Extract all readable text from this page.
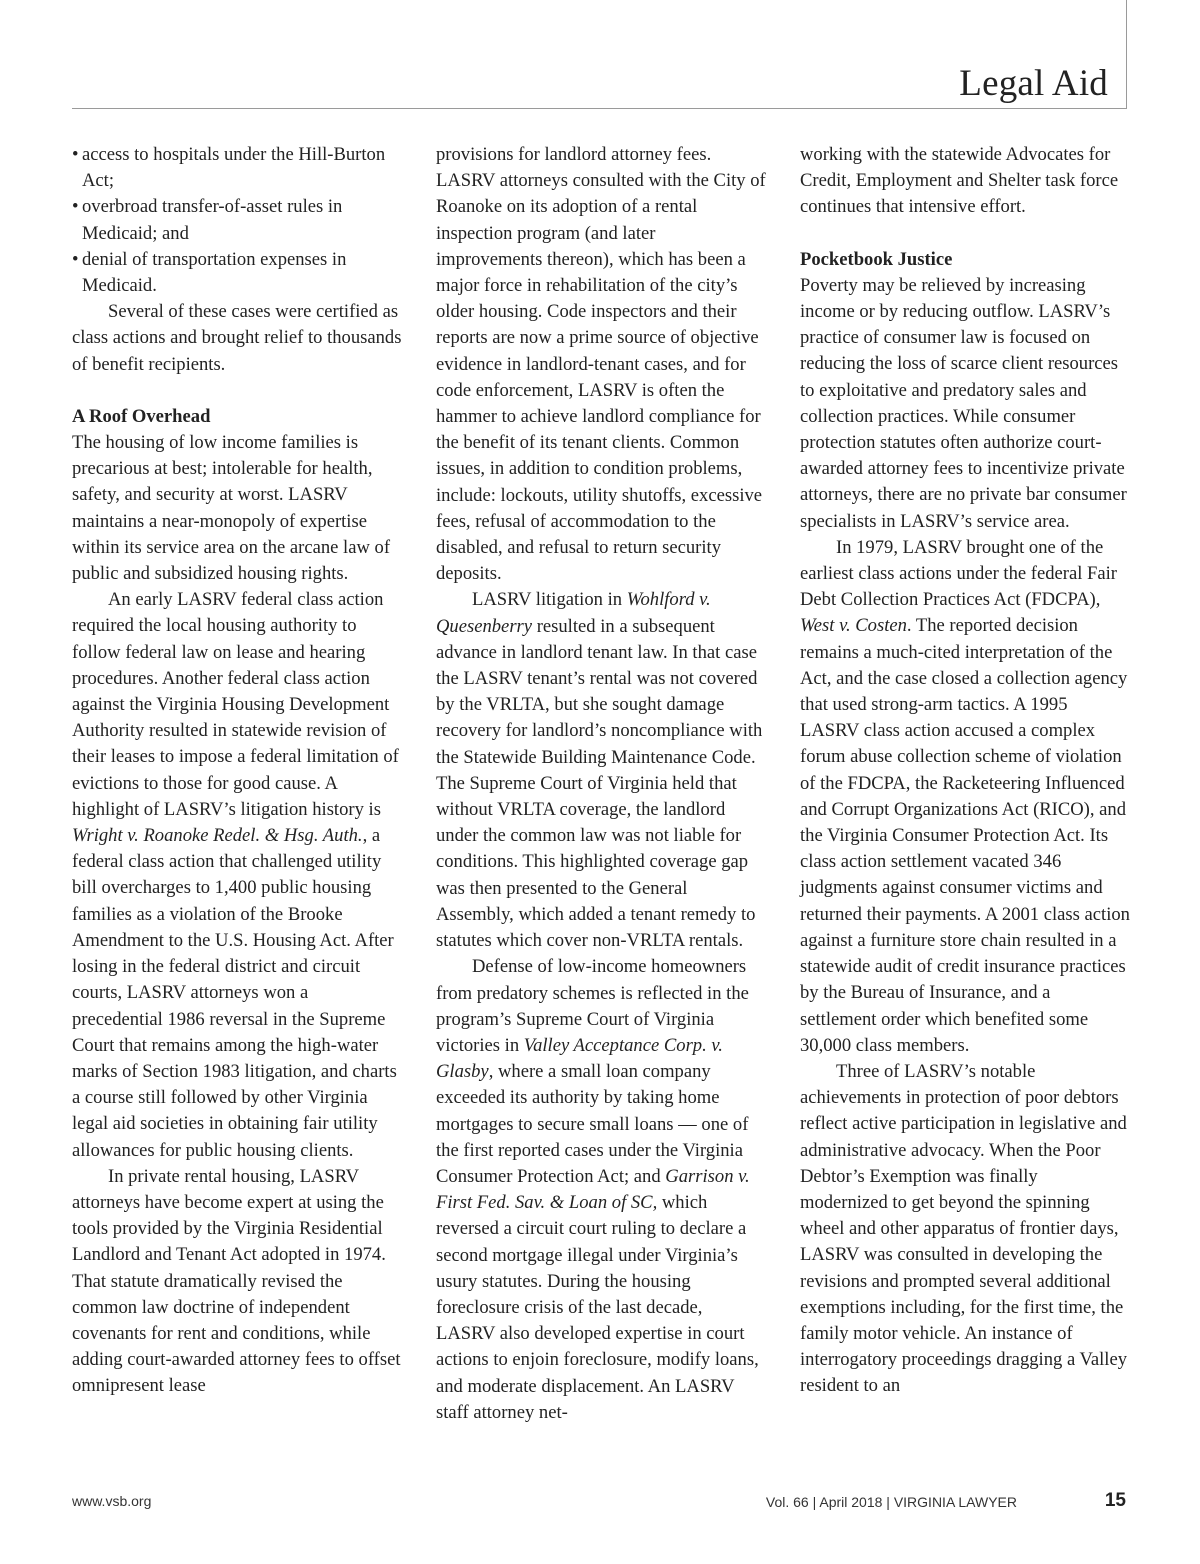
Legal Aid
• access to hospitals under the Hill-Burton Act;
• overbroad transfer-of-asset rules in Medicaid; and
• denial of transportation expenses in Medicaid.

Several of these cases were certified as class actions and brought relief to thousands of benefit recipients.

A Roof Overhead

The housing of low income families is precarious at best; intolerable for health, safety, and security at worst. LASRV maintains a near-monopoly of expertise within its service area on the arcane law of public and subsidized housing rights.

An early LASRV federal class action required the local housing authority to follow federal law on lease and hearing procedures. Another federal class action against the Virginia Housing Development Authority resulted in statewide revision of their leases to impose a federal limitation of evictions to those for good cause. A highlight of LASRV’s litigation history is Wright v. Roanoke Redel. & Hsg. Auth., a federal class action that challenged utility bill overcharges to 1,400 public housing families as a violation of the Brooke Amendment to the U.S. Housing Act. After losing in the federal district and circuit courts, LASRV attorneys won a precedential 1986 reversal in the Supreme Court that remains among the high-water marks of Section 1983 litigation, and charts a course still followed by other Virginia legal aid societies in obtaining fair utility allowances for public housing clients.

In private rental housing, LASRV attorneys have become expert at using the tools provided by the Virginia Residential Landlord and Tenant Act adopted in 1974. That statute dramatically revised the common law doctrine of independent covenants for rent and conditions, while adding court-awarded attorney fees to offset omnipresent lease

provisions for landlord attorney fees. LASRV attorneys consulted with the City of Roanoke on its adoption of a rental inspection program (and later improvements thereon), which has been a major force in rehabilitation of the city’s older housing. Code inspectors and their reports are now a prime source of objective evidence in landlord-tenant cases, and for code enforcement, LASRV is often the hammer to achieve landlord compliance for the benefit of its tenant clients. Common issues, in addition to condition problems, include: lockouts, utility shutoffs, excessive fees, refusal of accommodation to the disabled, and refusal to return security deposits.

LASRV litigation in Wohlford v. Quesenberry resulted in a subsequent advance in landlord tenant law. In that case the LASRV tenant’s rental was not covered by the VRLTA, but she sought damage recovery for landlord’s noncompliance with the Statewide Building Maintenance Code. The Supreme Court of Virginia held that without VRLTA coverage, the landlord under the common law was not liable for conditions. This highlighted coverage gap was then presented to the General Assembly, which added a tenant remedy to statutes which cover non-VRLTA rentals.

Defense of low-income homeowners from predatory schemes is reflected in the program’s Supreme Court of Virginia victories in Valley Acceptance Corp. v. Glasby, where a small loan company exceeded its authority by taking home mortgages to secure small loans — one of the first reported cases under the Virginia Consumer Protection Act; and Garrison v. First Fed. Sav. & Loan of SC, which reversed a circuit court ruling to declare a second mortgage illegal under Virginia’s usury statutes. During the housing foreclosure crisis of the last decade, LASRV also developed expertise in court actions to enjoin foreclosure, modify loans, and moderate displacement. An LASRV staff attorney net-

working with the statewide Advocates for Credit, Employment and Shelter task force continues that intensive effort.

Pocketbook Justice

Poverty may be relieved by increasing income or by reducing outflow. LASRV’s practice of consumer law is focused on reducing the loss of scarce client resources to exploitative and predatory sales and collection practices. While consumer protection statutes often authorize court-awarded attorney fees to incentivize private attorneys, there are no private bar consumer specialists in LASRV’s service area.

In 1979, LASRV brought one of the earliest class actions under the federal Fair Debt Collection Practices Act (FDCPA), West v. Costen. The reported decision remains a much-cited interpretation of the Act, and the case closed a collection agency that used strong-arm tactics. A 1995 LASRV class action accused a complex forum abuse collection scheme of violation of the FDCPA, the Racketeering Influenced and Corrupt Organizations Act (RICO), and the Virginia Consumer Protection Act. Its class action settlement vacated 346 judgments against consumer victims and returned their payments. A 2001 class action against a furniture store chain resulted in a statewide audit of credit insurance practices by the Bureau of Insurance, and a settlement order which benefited some 30,000 class members.

Three of LASRV’s notable achievements in protection of poor debtors reflect active participation in legislative and administrative advocacy. When the Poor Debtor’s Exemption was finally modernized to get beyond the spinning wheel and other apparatus of frontier days, LASRV was consulted in developing the revisions and prompted several additional exemptions including, for the first time, the family motor vehicle. An instance of interrogatory proceedings dragging a Valley resident to an

www.vsb.org	Vol. 66 | April 2018 | VIRGINIA LAWYER	15
